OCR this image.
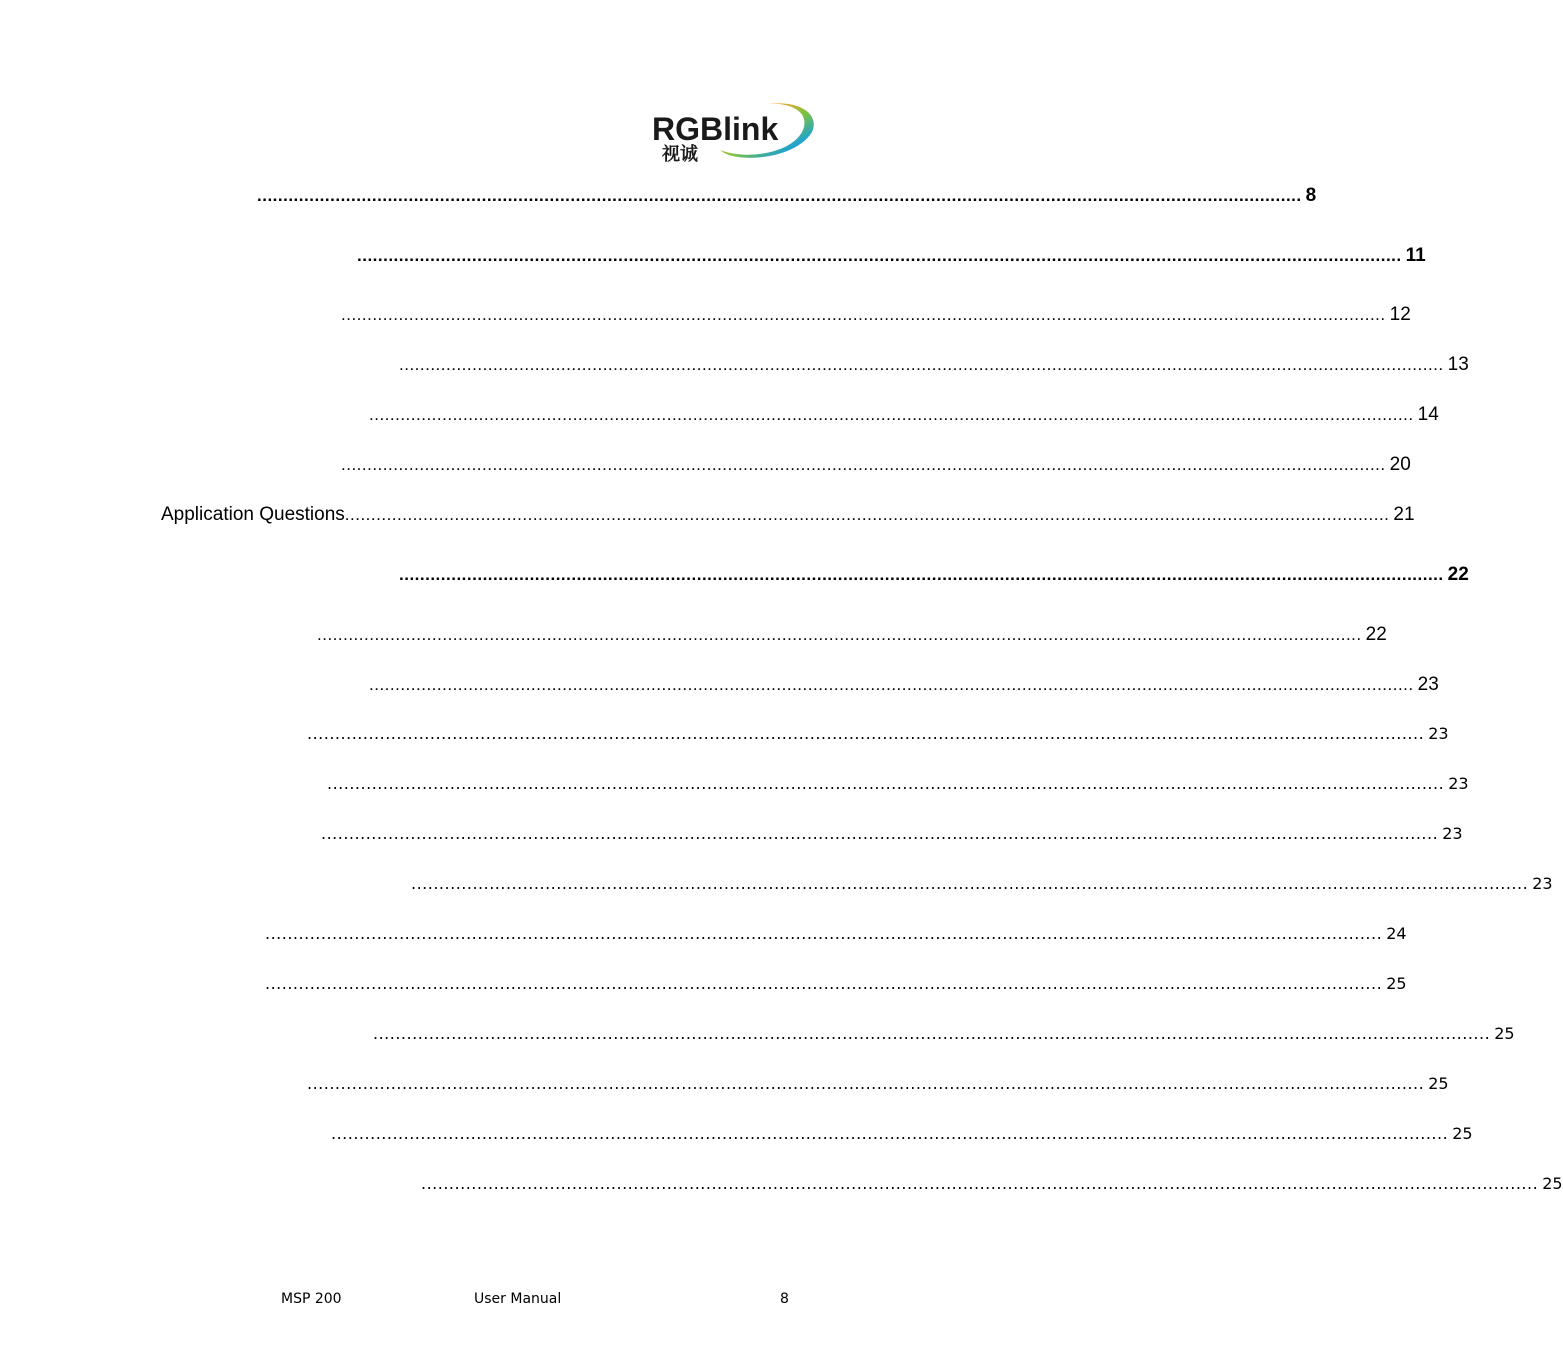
RGBlink
视诚
........................................................................................................................................................................................................ 8
........................................................................................................................................................................................................ 11
........................................................................................................................................................................................................ 12
........................................................................................................................................................................................................ 13
........................................................................................................................................................................................................ 14
........................................................................................................................................................................................................ 20
Application Questions ........................................................................................................................................................................................................ 21
........................................................................................................................................................................................................ 22
........................................................................................................................................................................................................ 22
........................................................................................................................................................................................................ 23
........................................................................................................................................................................................................ 23
........................................................................................................................................................................................................ 23
........................................................................................................................................................................................................ 23
........................................................................................................................................................................................................ 23
........................................................................................................................................................................................................ 24
........................................................................................................................................................................................................ 25
........................................................................................................................................................................................................ 25
........................................................................................................................................................................................................ 25
........................................................................................................................................................................................................ 25
........................................................................................................................................................................................................ 25
MSP 200	User Manual	8
